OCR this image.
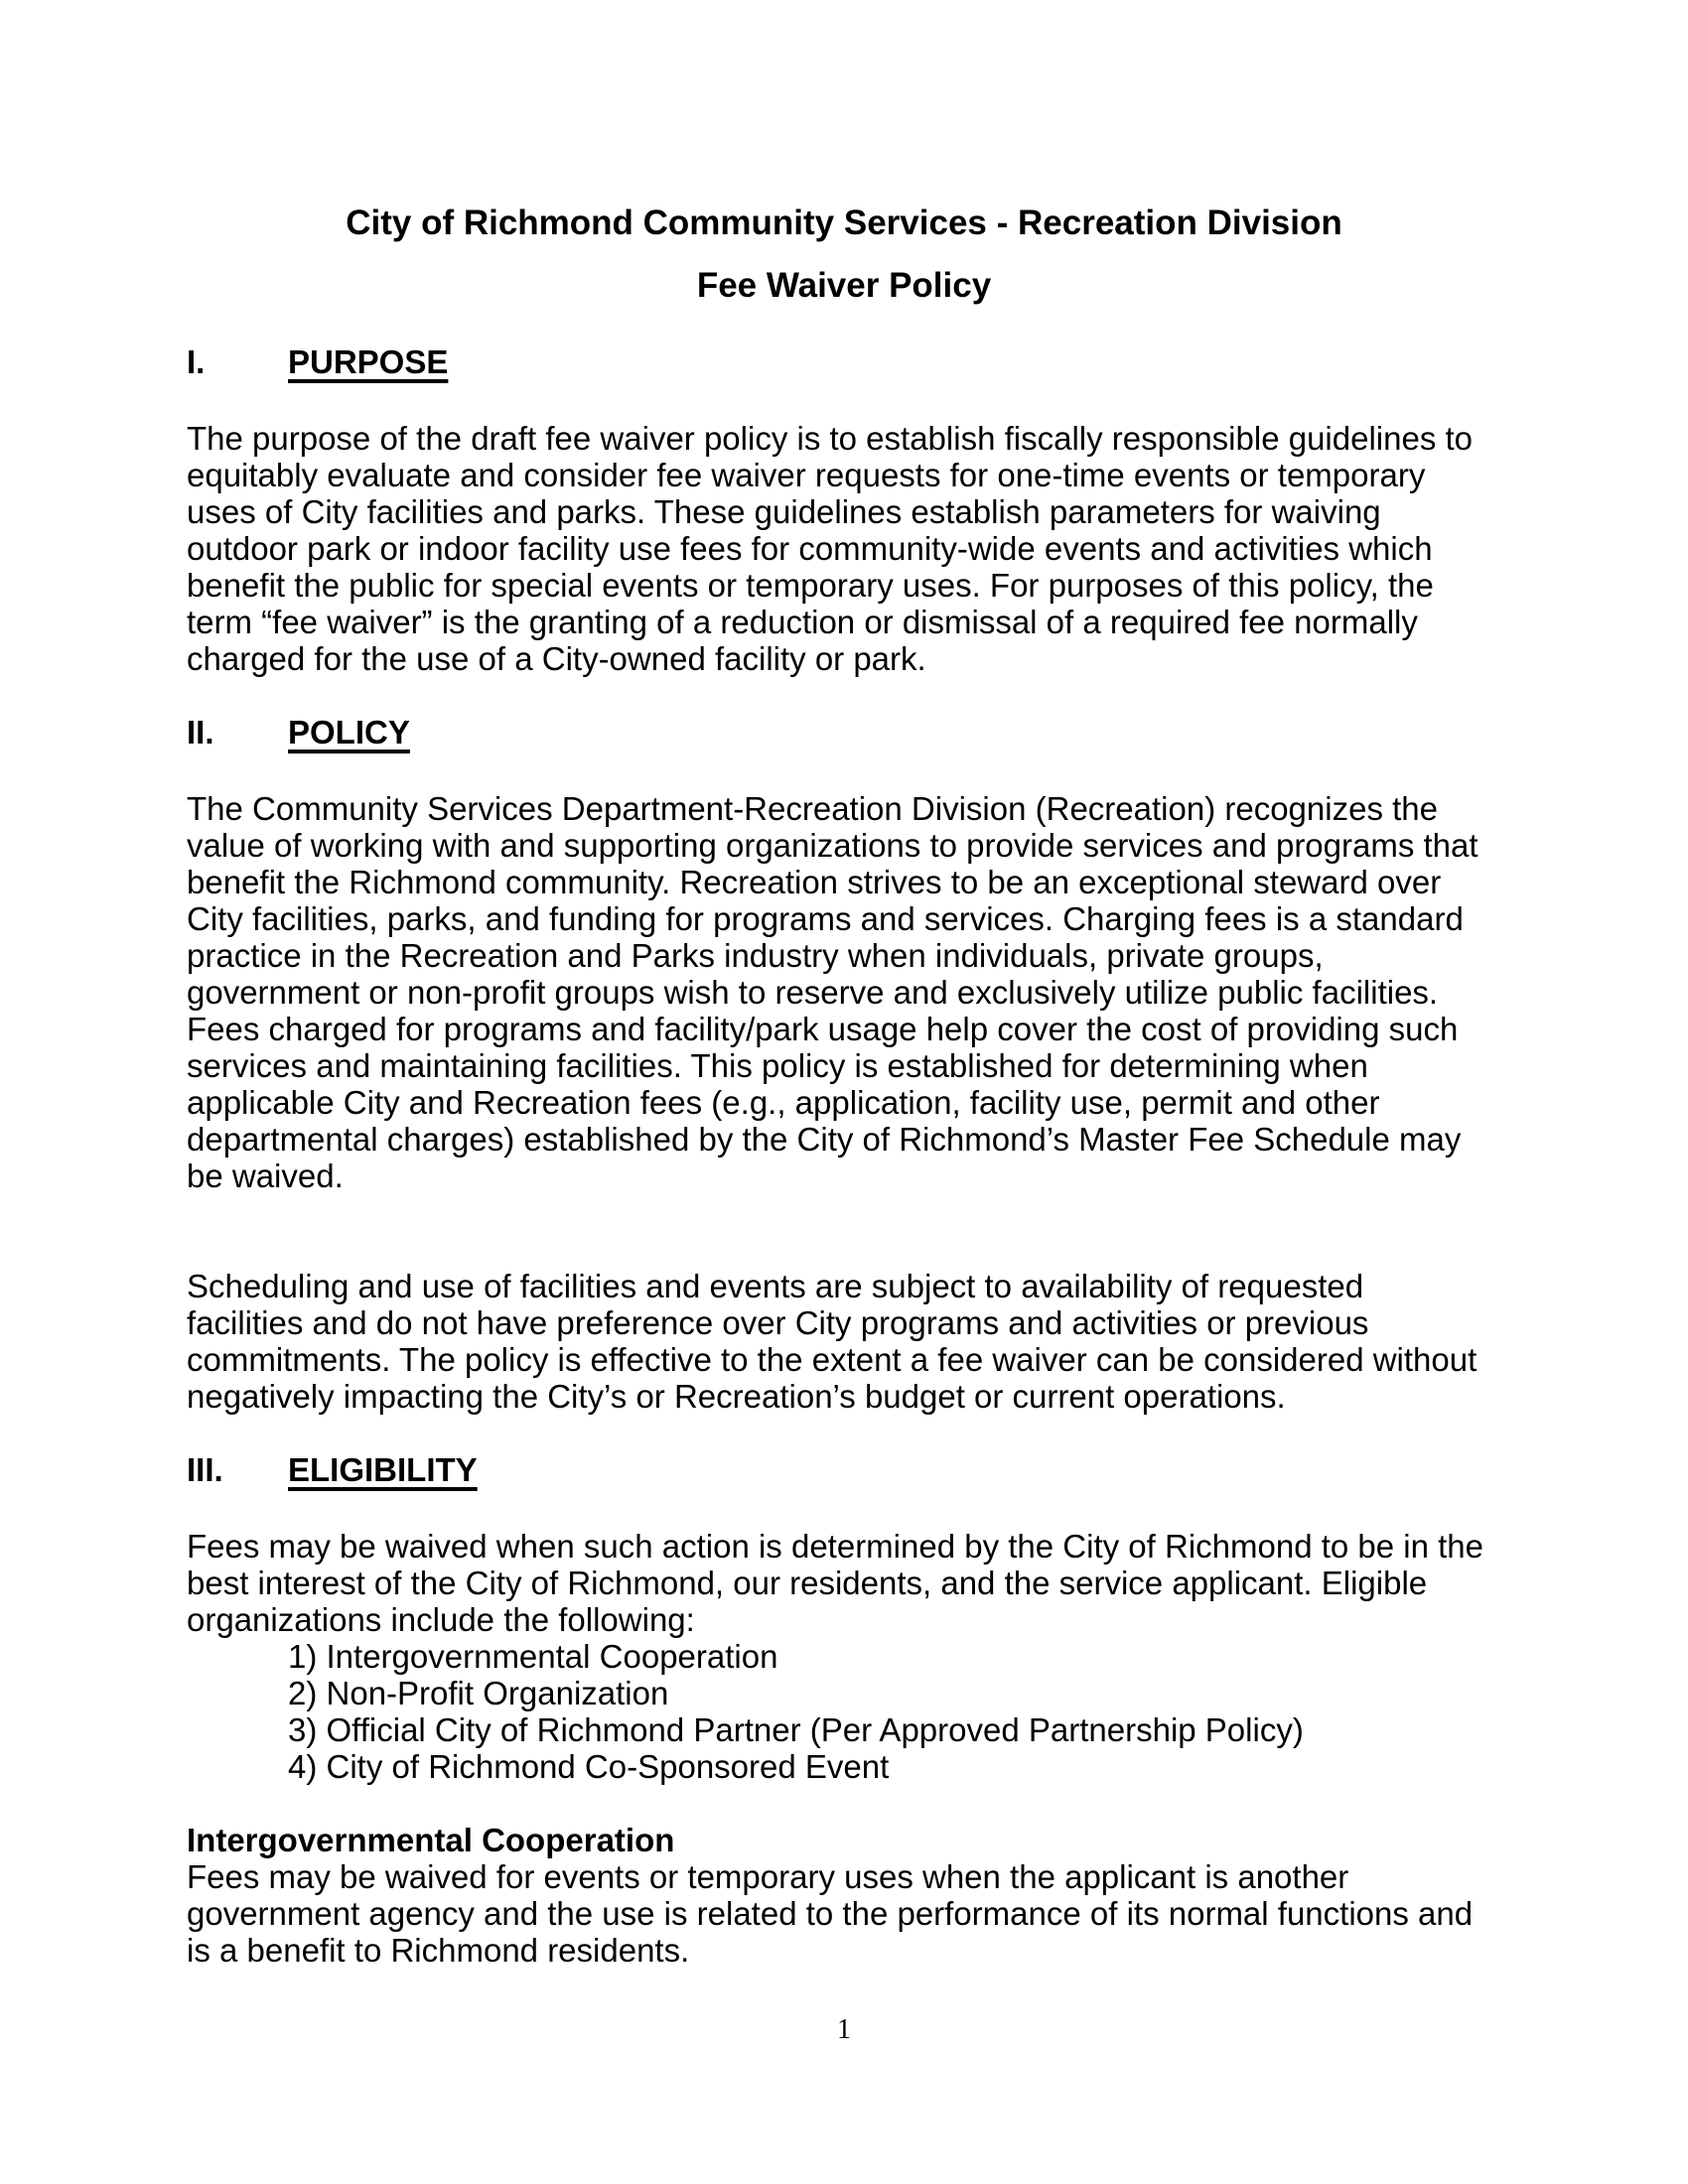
City of Richmond Community Services - Recreation Division
Fee Waiver Policy
I.	PURPOSE

The purpose of the draft fee waiver policy is to establish fiscally responsible guidelines to equitably evaluate and consider fee waiver requests for one-time events or temporary uses of City facilities and parks. These guidelines establish parameters for waiving outdoor park or indoor facility use fees for community-wide events and activities which benefit the public for special events or temporary uses. For purposes of this policy, the term “fee waiver” is the granting of a reduction or dismissal of a required fee normally charged for the use of a City-owned facility or park.

II.	POLICY

The Community Services Department-Recreation Division (Recreation) recognizes the value of working with and supporting organizations to provide services and programs that benefit the Richmond community. Recreation strives to be an exceptional steward over City facilities, parks, and funding for programs and services. Charging fees is a standard practice in the Recreation and Parks industry when individuals, private groups, government or non-profit groups wish to reserve and exclusively utilize public facilities. Fees charged for programs and facility/park usage help cover the cost of providing such services and maintaining facilities. This policy is established for determining when applicable City and Recreation fees (e.g., application, facility use, permit and other departmental charges) established by the City of Richmond’s Master Fee Schedule may be waived.

Scheduling and use of facilities and events are subject to availability of requested facilities and do not have preference over City programs and activities or previous commitments. The policy is effective to the extent a fee waiver can be considered without negatively impacting the City’s or Recreation’s budget or current operations.

III.	ELIGIBILITY

Fees may be waived when such action is determined by the City of Richmond to be in the best interest of the City of Richmond, our residents, and the service applicant. Eligible organizations include the following:

1) Intergovernmental Cooperation
2) Non-Profit Organization
3) Official City of Richmond Partner (Per Approved Partnership Policy)
4) City of Richmond Co-Sponsored Event
Intergovernmental Cooperation

Fees may be waived for events or temporary uses when the applicant is another government agency and the use is related to the performance of its normal functions and is a benefit to Richmond residents.

1
